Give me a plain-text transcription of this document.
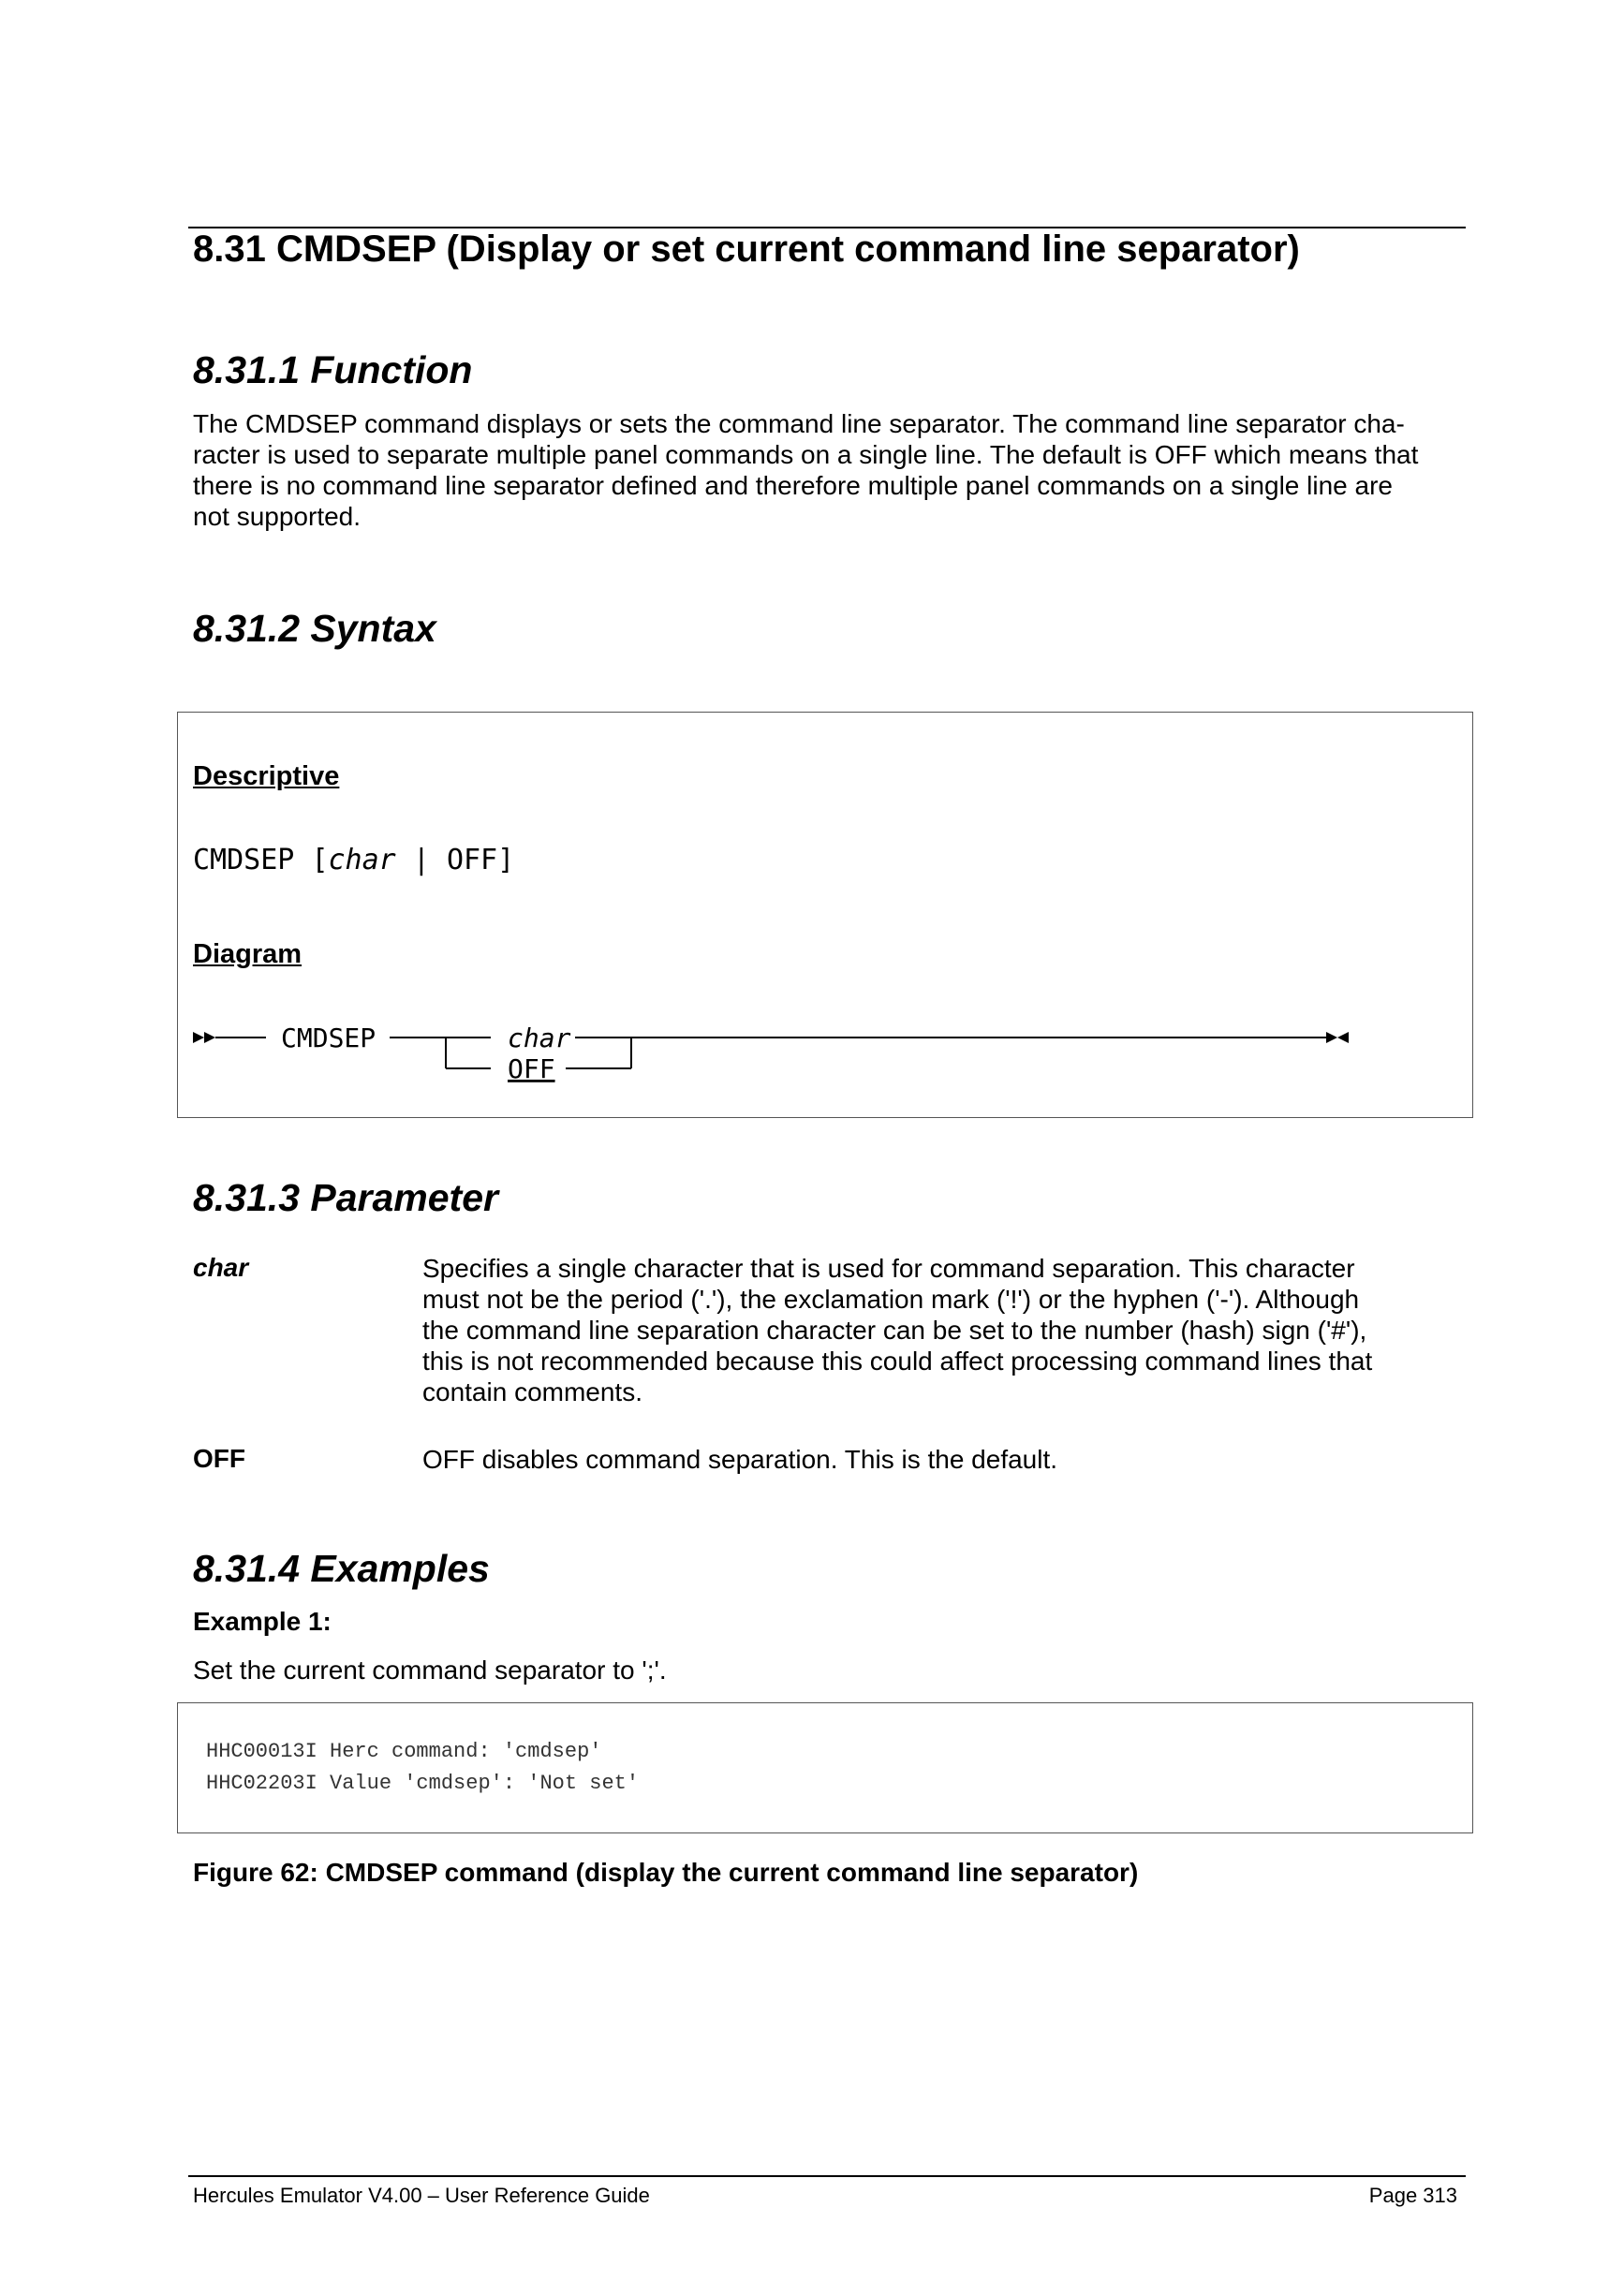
8.31 CMDSEP (Display or set current command line separator)
8.31.1 Function
The CMDSEP command displays or sets the command line separator. The command line separator cha-
racter is used to separate multiple panel commands on a single line. The default is OFF which means that
there is no command line separator defined and therefore multiple panel commands on a single line are
not supported.
8.31.2 Syntax
Descriptive
CMDSEP [char | OFF]
Diagram
CMDSEP	char
OFF
8.31.3 Parameter
char	Specifies a single character that is used for command separation. This character
must not be the period ('.'), the exclamation mark ('!') or the hyphen ('-'). Although
the command line separation character can be set to the number (hash) sign ('#'),
this is not recommended because this could affect processing command lines that
contain comments.
OFF	OFF disables command separation. This is the default.
8.31.4 Examples
Example 1:
Set the current command separator to ';'.
HHC00013I Herc command: 'cmdsep'
HHC02203I Value 'cmdsep': 'Not set'
Figure 62: CMDSEP command (display the current command line separator)
Hercules Emulator V4.00 – User Reference Guide	Page 313
